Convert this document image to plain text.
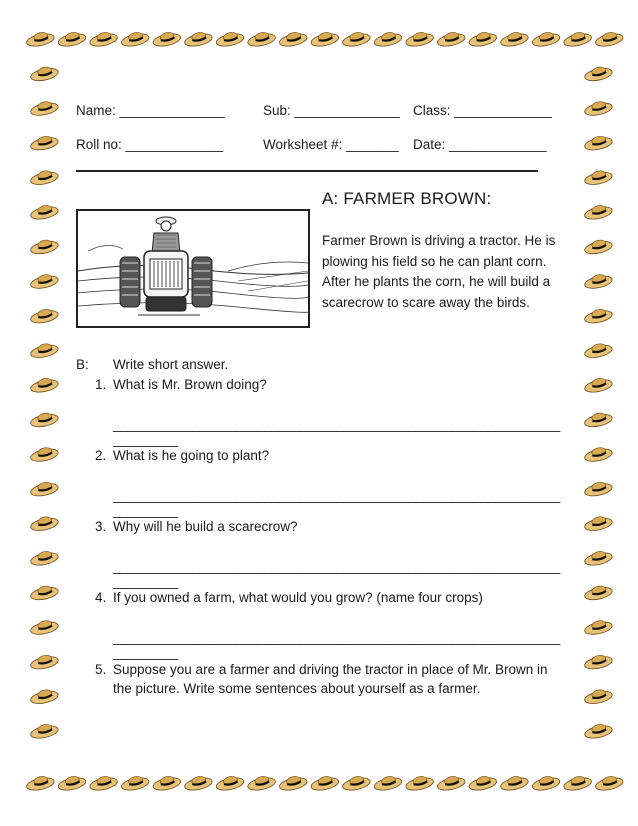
Name: ______________	Sub: ______________ Class: _____________
Roll no: _____________	Worksheet #: _______ Date: _____________
A: FARMER BROWN:
Farmer Brown is driving a tractor. He is plowing his field so he can plant corn. After he plants the corn, he will build a scarecrow to scare away the birds.
B: Write short answer.
1. What is Mr. Brown doing?
______________________________________________________________
_________
2. What is he going to plant?
______________________________________________________________
_________
3. Why will he build a scarecrow?
______________________________________________________________
_________
4. If you owned a farm, what would you grow? (name four crops)
______________________________________________________________
_________
5. Suppose you are a farmer and driving the tractor in place of Mr. Brown in the picture. Write some sentences about yourself as a farmer.
